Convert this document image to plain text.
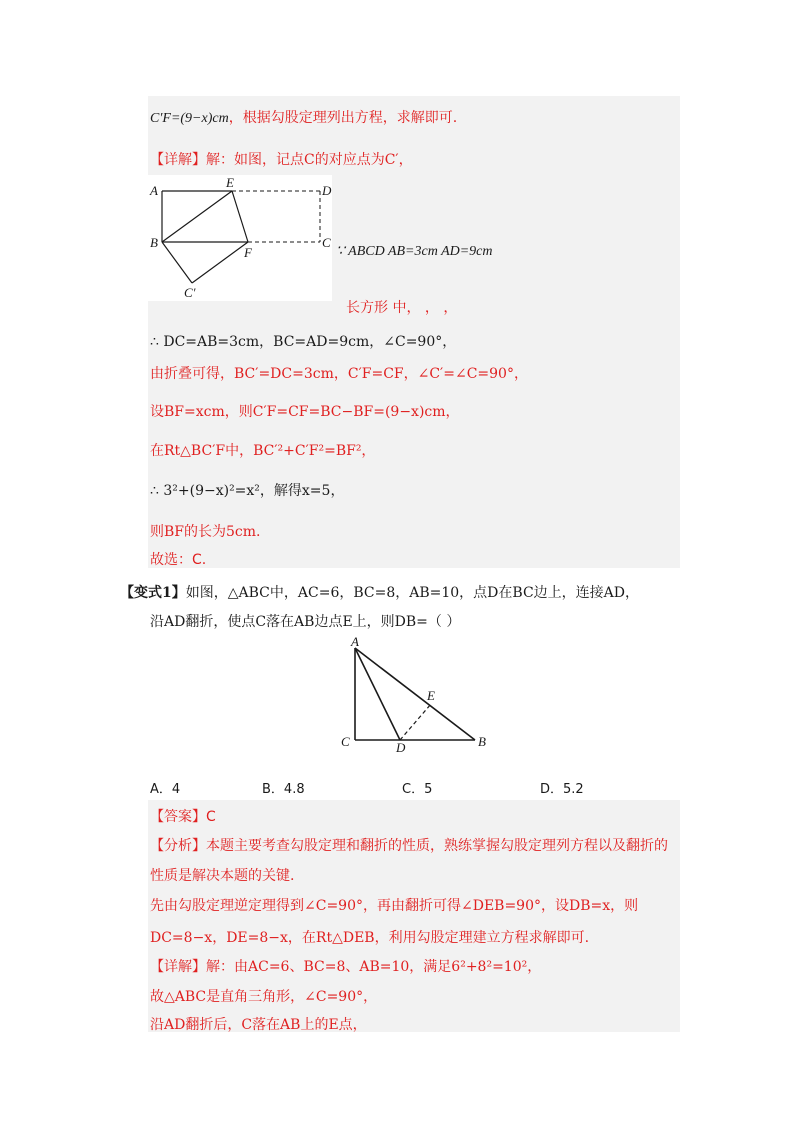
C′F=(9−x)cm，根据勾股定理列出方程，求解即可.
【详解】解：如图，记点C的对应点为C′，
A
E
D
B
F
C
C′
∵ ABCD AB=3cm AD=9cm
长方形 中， ， ，
∴ DC=AB=3cm，BC=AD=9cm，∠C=90°，
由折叠可得，BC′=DC=3cm，C′F=CF，∠C′=∠C=90°，
设BF=xcm，则C′F=CF=BC−BF=(9−x)cm，
在Rt△BC′F中，BC′²+C′F²=BF²，
∴ 3²+(9−x)²=x²，解得x=5，
则BF的长为5cm.
故选：C.
【变式1】如图，△ABC中，AC=6，BC=8，AB=10，点D在BC边上，连接AD，
沿AD翻折，使点C落在AB边点E上，则DB=（ ）
A
E
C	D	B
A．4	B．4.8	C．5	D．5.2
【答案】C
【分析】本题主要考查勾股定理和翻折的性质，熟练掌握勾股定理列方程以及翻折的
性质是解决本题的关键.
先由勾股定理逆定理得到∠C=90°，再由翻折可得∠DEB=90°，设DB=x，则
DC=8−x，DE=8−x，在Rt△DEB，利用勾股定理建立方程求解即可.
【详解】解：由AC=6、BC=8、AB=10，满足6²+8²=10²，
故△ABC是直角三角形，∠C=90°，
沿AD翻折后，C落在AB上的E点，
